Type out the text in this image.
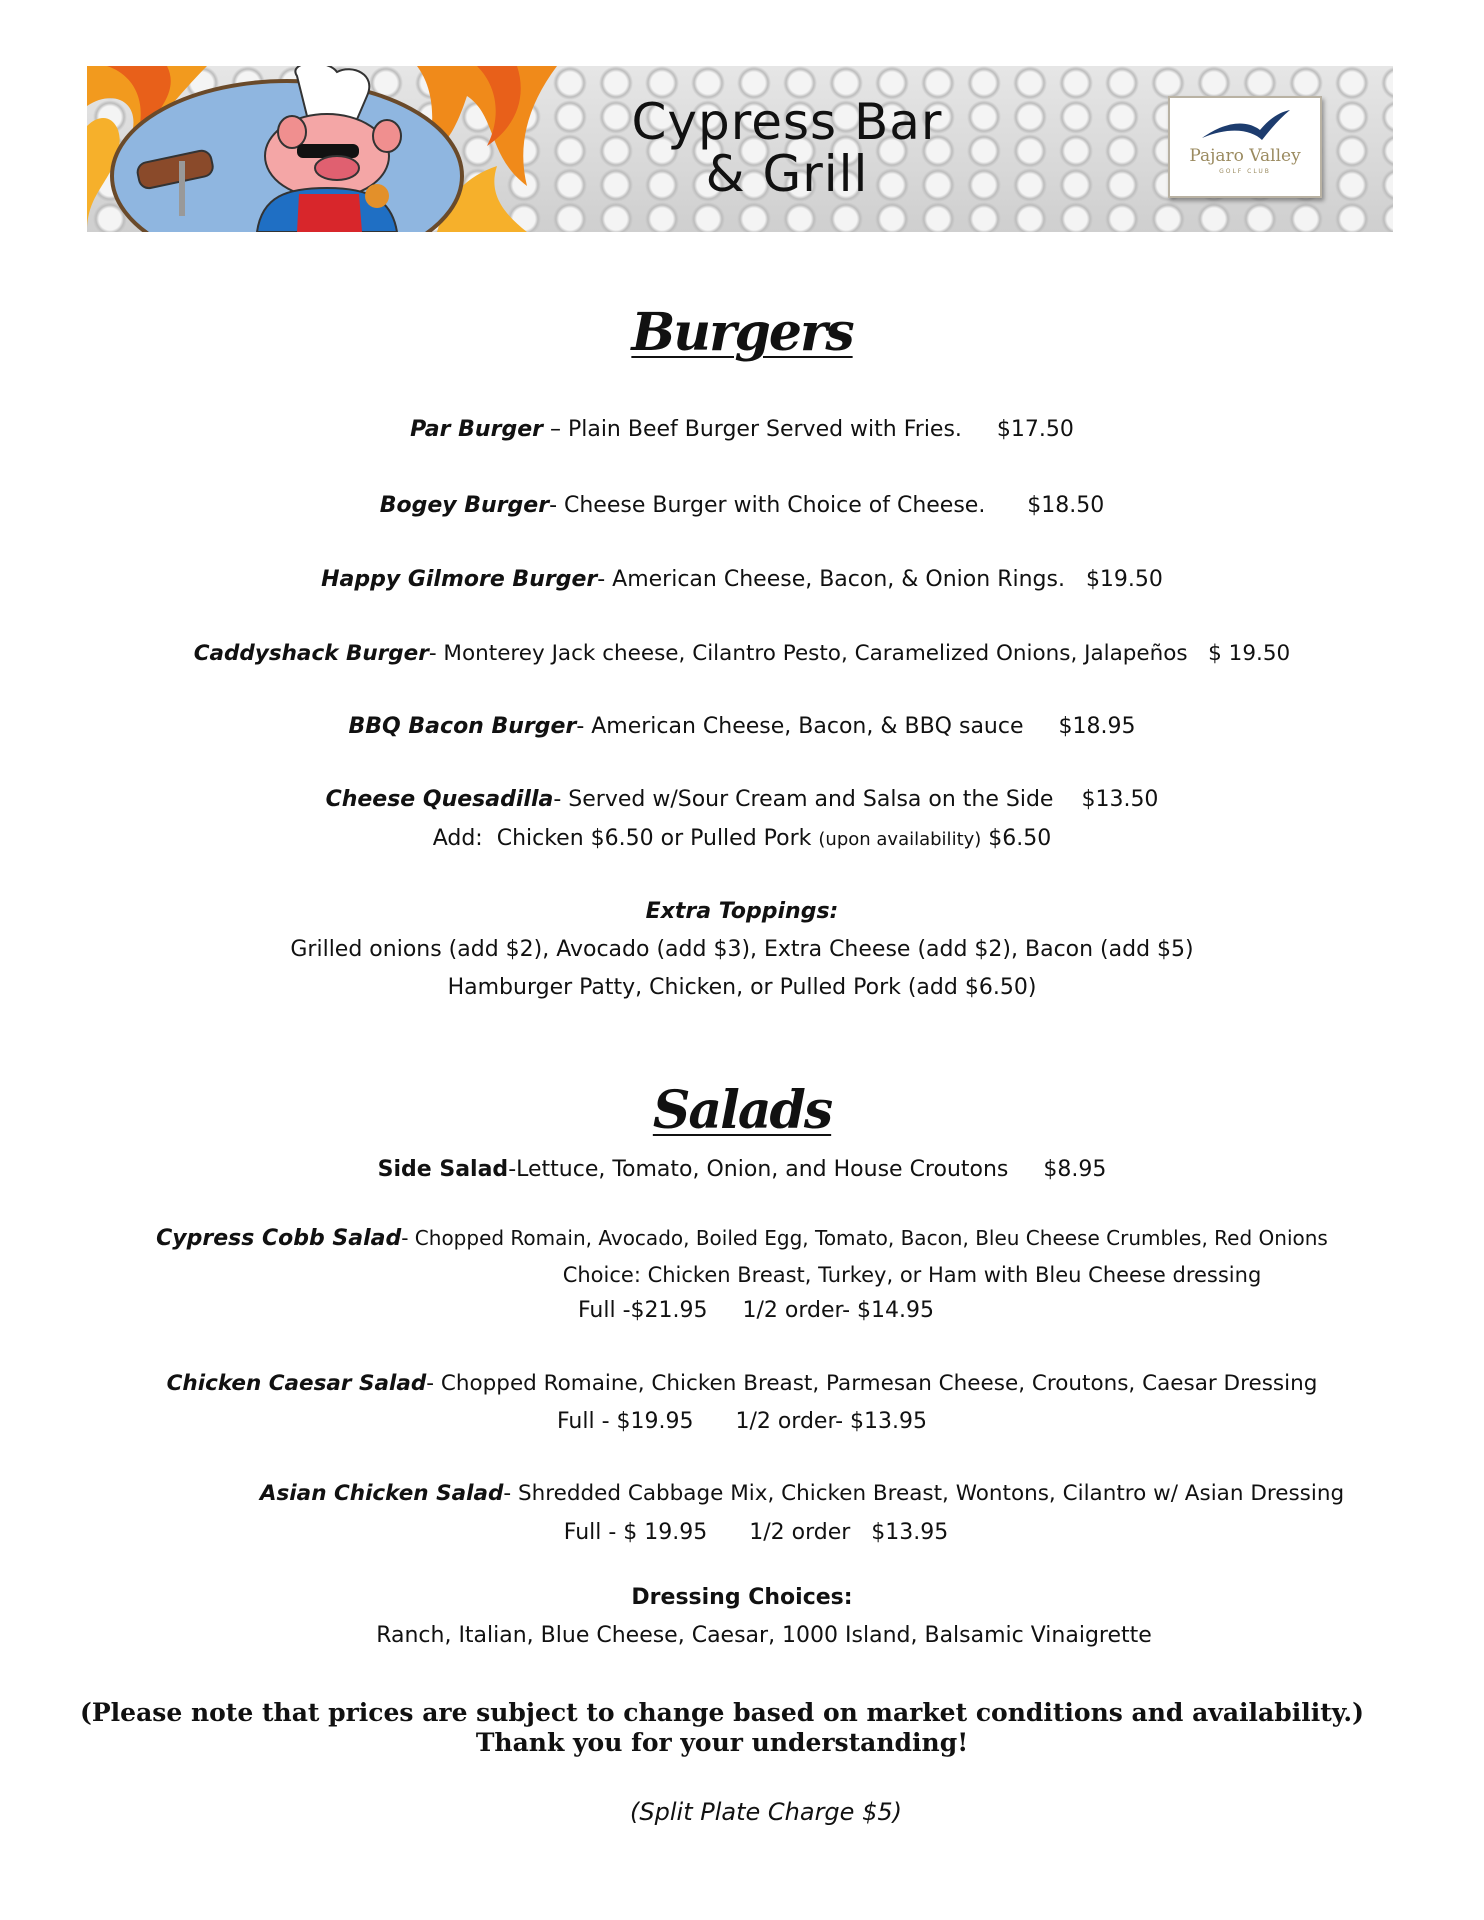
Cypress Bar
& Grill	Pajaro Valley
GOLF CLUB
Burgers
Par Burger – Plain Beef Burger Served with Fries. $17.50
Bogey Burger- Cheese Burger with Choice of Cheese. $18.50
Happy Gilmore Burger- American Cheese, Bacon, & Onion Rings. $19.50
Caddyshack Burger- Monterey Jack cheese, Cilantro Pesto, Caramelized Onions, Jalapeños $ 19.50
BBQ Bacon Burger- American Cheese, Bacon, & BBQ sauce $18.95
Cheese Quesadilla- Served w/Sour Cream and Salsa on the Side $13.50
Add:  Chicken $6.50 or Pulled Pork (upon availability) $6.50
Extra Toppings:
Grilled onions (add $2), Avocado (add $3), Extra Cheese (add $2), Bacon (add $5)
Hamburger Patty, Chicken, or Pulled Pork (add $6.50)
Salads
Side Salad-Lettuce, Tomato, Onion, and House Croutons $8.95
Cypress Cobb Salad- Chopped Romain, Avocado, Boiled Egg, Tomato, Bacon, Bleu Cheese Crumbles, Red Onions
Choice: Chicken Breast, Turkey, or Ham with Bleu Cheese dressing
Full -$21.95     1/2 order- $14.95
Chicken Caesar Salad- Chopped Romaine, Chicken Breast, Parmesan Cheese, Croutons, Caesar Dressing
Full - $19.95      1/2 order- $13.95
Asian Chicken Salad- Shredded Cabbage Mix, Chicken Breast, Wontons, Cilantro w/ Asian Dressing
Full - $ 19.95      1/2 order   $13.95
Dressing Choices:
Ranch, Italian, Blue Cheese, Caesar, 1000 Island, Balsamic Vinaigrette
(Please note that prices are subject to change based on market conditions and availability.)
Thank you for your understanding!
(Split Plate Charge $5)
